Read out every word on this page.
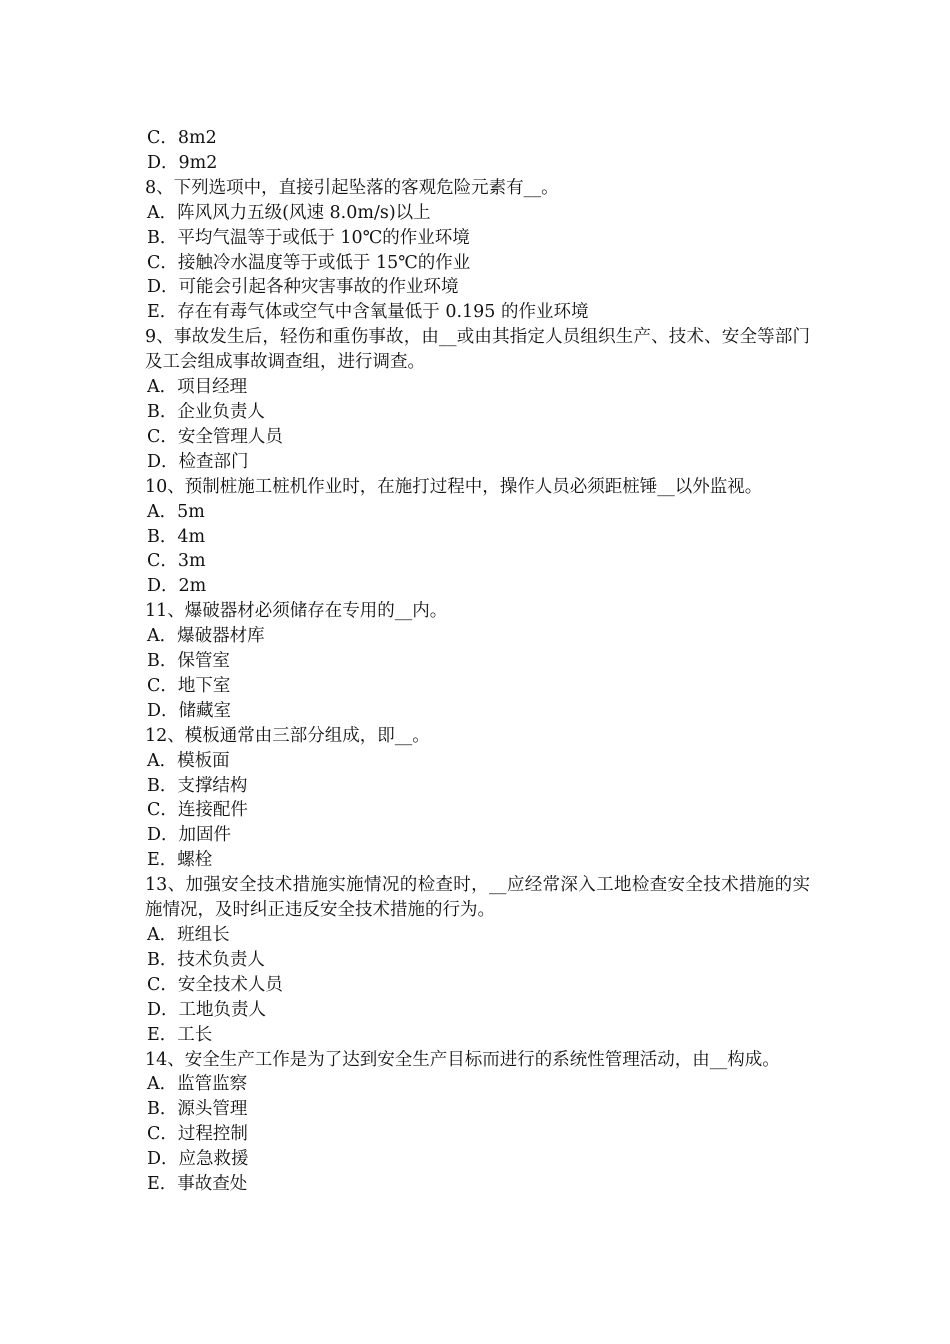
C．8m2

D．9m2

8、下列选项中，直接引起坠落的客观危险元素有__。

A．阵风风力五级(风速 8.0m/s)以上

B．平均气温等于或低于 10℃的作业环境

C．接触冷水温度等于或低于 15℃的作业

D．可能会引起各种灾害事故的作业环境

E．存在有毒气体或空气中含氧量低于 0.195 的作业环境

9、事故发生后，轻伤和重伤事故，由__或由其指定人员组织生产、技术、安全等部门及工会组成事故调查组，进行调查。

A．项目经理

B．企业负责人

C．安全管理人员

D．检查部门

10、预制桩施工桩机作业时，在施打过程中，操作人员必须距桩锤__以外监视。

A．5m

B．4m

C．3m

D．2m

11、爆破器材必须储存在专用的__内。

A．爆破器材库

B．保管室

C．地下室

D．储藏室

12、模板通常由三部分组成，即__。

A．模板面

B．支撑结构

C．连接配件

D．加固件

E．螺栓

13、加强安全技术措施实施情况的检查时，__应经常深入工地检查安全技术措施的实施情况，及时纠正违反安全技术措施的行为。

A．班组长

B．技术负责人

C．安全技术人员

D．工地负责人

E．工长

14、安全生产工作是为了达到安全生产目标而进行的系统性管理活动，由__构成。

A．监管监察

B．源头管理

C．过程控制

D．应急救援

E．事故查处
